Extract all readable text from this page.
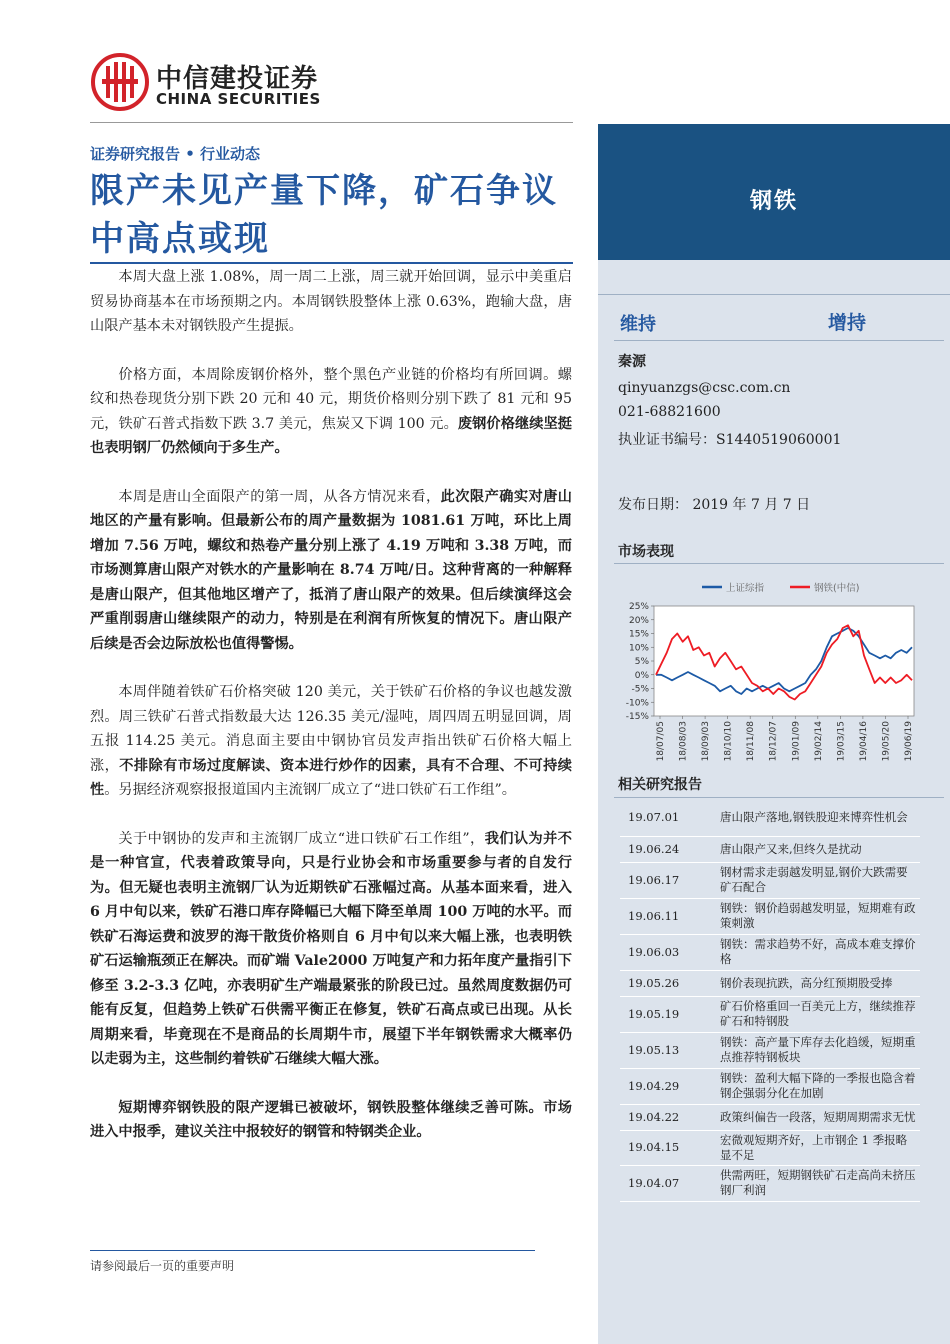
中信建投证券
CHINA SECURITIES
证券研究报告 • 行业动态
限产未见产量下降，矿石争议中高点或现

本周大盘上涨 1.08%，周一周二上涨，周三就开始回调，显示中美重启贸易协商基本在市场预期之内。本周钢铁股整体上涨 0.63%，跑输大盘，唐山限产基本未对钢铁股产生提振。

价格方面，本周除废钢价格外，整个黑色产业链的价格均有所回调。螺纹和热卷现货分别下跌 20 元和 40 元，期货价格则分别下跌了 81 元和 95 元，铁矿石普式指数下跌 3.7 美元，焦炭又下调 100 元。废钢价格继续坚挺也表明钢厂仍然倾向于多生产。

本周是唐山全面限产的第一周，从各方情况来看，此次限产确实对唐山地区的产量有影响。但最新公布的周产量数据为 1081.61 万吨，环比上周增加 7.56 万吨，螺纹和热卷产量分别上涨了 4.19 万吨和 3.38 万吨，而市场测算唐山限产对铁水的产量影响在 8.74 万吨/日。这种背离的一种解释是唐山限产，但其他地区增产了，抵消了唐山限产的效果。但后续演绎这会严重削弱唐山继续限产的动力，特别是在利润有所恢复的情况下。唐山限产后续是否会边际放松也值得警惕。

本周伴随着铁矿石价格突破 120 美元，关于铁矿石价格的争议也越发激烈。周三铁矿石普式指数最大达 126.35 美元/湿吨，周四周五明显回调，周五报 114.25 美元。消息面主要由中钢协官员发声指出铁矿石价格大幅上涨，不排除有市场过度解读、资本进行炒作的因素，具有不合理、不可持续性。另据经济观察报报道国内主流钢厂成立了“进口铁矿石工作组”。

关于中钢协的发声和主流钢厂成立“进口铁矿石工作组”，我们认为并不是一种官宣，代表着政策导向，只是行业协会和市场重要参与者的自发行为。但无疑也表明主流钢厂认为近期铁矿石涨幅过高。从基本面来看，进入 6 月中旬以来，铁矿石港口库存降幅已大幅下降至单周 100 万吨的水平。而铁矿石海运费和波罗的海干散货价格则自 6 月中旬以来大幅上涨，也表明铁矿石运输瓶颈正在解决。而矿端 Vale2000 万吨复产和力拓年度产量指引下修至 3.2-3.3 亿吨，亦表明矿生产端最紧张的阶段已过。虽然周度数据仍可能有反复，但趋势上铁矿石供需平衡正在修复，铁矿石高点或已出现。从长周期来看，毕竟现在不是商品的长周期牛市，展望下半年钢铁需求大概率仍以走弱为主，这些制约着铁矿石继续大幅大涨。

短期博弈钢铁股的限产逻辑已被破坏，钢铁股整体继续乏善可陈。市场进入中报季，建议关注中报较好的钢管和特钢类企业。

请参阅最后一页的重要声明
钢铁
维持	增持
秦源
qinyuanzgs@csc.com.cn
021-68821600
执业证书编号：S1440519060001
发布日期： 2019 年 7 月 7 日
市场表现
25%
20%
15%
10%
5%
0%
-5%
-10%
-15%
18/07/05 18/08/03 18/09/03 18/10/10 18/11/08 18/12/07 19/01/09 19/02/14 19/03/15 19/04/16 19/05/20 19/06/19
上证综指	钢铁(中信)
相关研究报告
19.07.01	唐山限产落地,钢铁股迎来博弈性机会
19.06.24	唐山限产又来,但终久是扰动
19.06.17	钢材需求走弱越发明显,钢价大跌需要矿石配合
19.06.11	钢铁：钢价趋弱越发明显，短期难有政策刺激
19.06.03	钢铁：需求趋势不好，高成本难支撑价格
19.05.26	钢价表现抗跌，高分红预期股受捧
19.05.19	矿石价格重回一百美元上方，继续推荐矿石和特钢股
19.05.13	钢铁：高产量下库存去化趋缓，短期重点推荐特钢板块
19.04.29	钢铁：盈利大幅下降的一季报也隐含着钢企强弱分化在加剧
19.04.22	政策纠偏告一段落，短期周期需求无忧
19.04.15	宏微观短期齐好，上市钢企 1 季报略显不足
19.04.07	供需两旺，短期钢铁矿石走高尚未挤压钢厂利润
